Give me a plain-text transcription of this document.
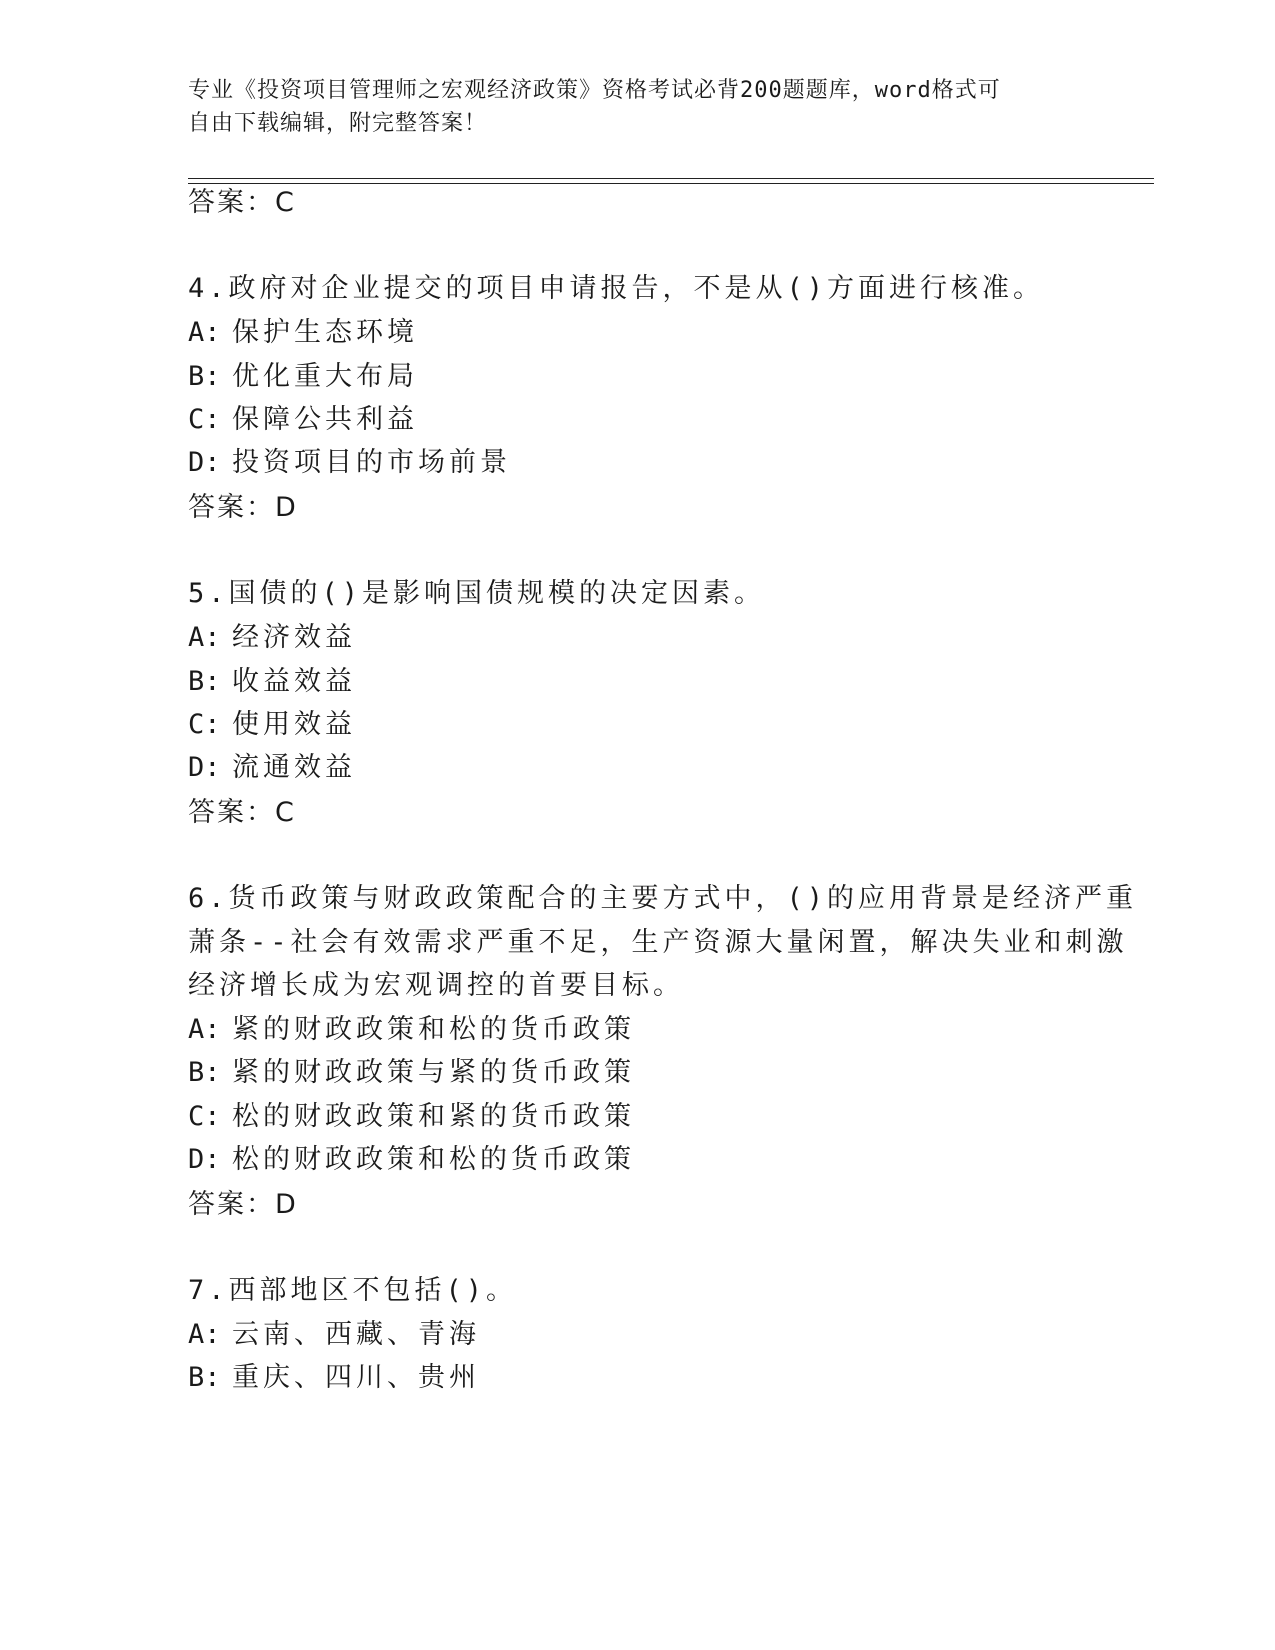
专业《投资项目管理师之宏观经济政策》资格考试必背200题题库，word格式可
自由下载编辑，附完整答案！
答案：C
4.政府对企业提交的项目申请报告，不是从()方面进行核准。
A: 保护生态环境
B: 优化重大布局
C: 保障公共利益
D: 投资项目的市场前景
答案：D
5.国债的()是影响国债规模的决定因素。
A: 经济效益
B: 收益效益
C: 使用效益
D: 流通效益
答案：C
6.货币政策与财政政策配合的主要方式中，()的应用背景是经济严重
萧条--社会有效需求严重不足，生产资源大量闲置，解决失业和刺激
经济增长成为宏观调控的首要目标。
A: 紧的财政政策和松的货币政策
B: 紧的财政政策与紧的货币政策
C: 松的财政政策和紧的货币政策
D: 松的财政政策和松的货币政策
答案：D
7.西部地区不包括()。
A: 云南、西藏、青海
B: 重庆、四川、贵州
